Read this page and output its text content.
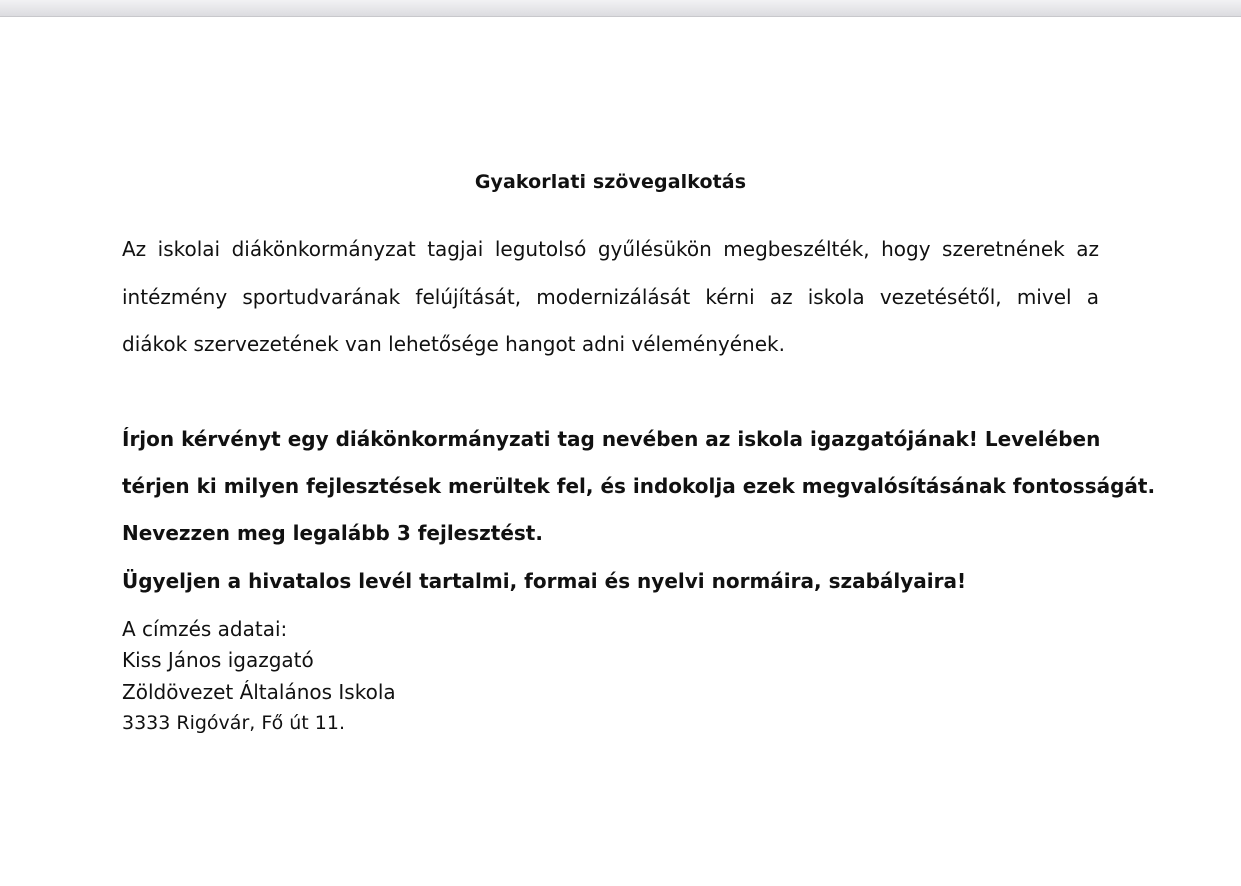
Gyakorlati szövegalkotás
Az iskolai diákönkormányzat tagjai legutolsó gyűlésükön megbeszélték, hogy szeretnének az
intézmény sportudvarának felújítását, modernizálását kérni az iskola vezetésétől, mivel a
diákok szervezetének van lehetősége hangot adni véleményének.
Írjon kérvényt egy diákönkormányzati tag nevében az iskola igazgatójának! Levelében
térjen ki milyen fejlesztések merültek fel, és indokolja ezek megvalósításának fontosságát.
Nevezzen meg legalább 3 fejlesztést.
Ügyeljen a hivatalos levél tartalmi, formai és nyelvi normáira, szabályaira!
A címzés adatai:
Kiss János igazgató
Zöldövezet Általános Iskola
3333 Rigóvár, Fő út 11.
